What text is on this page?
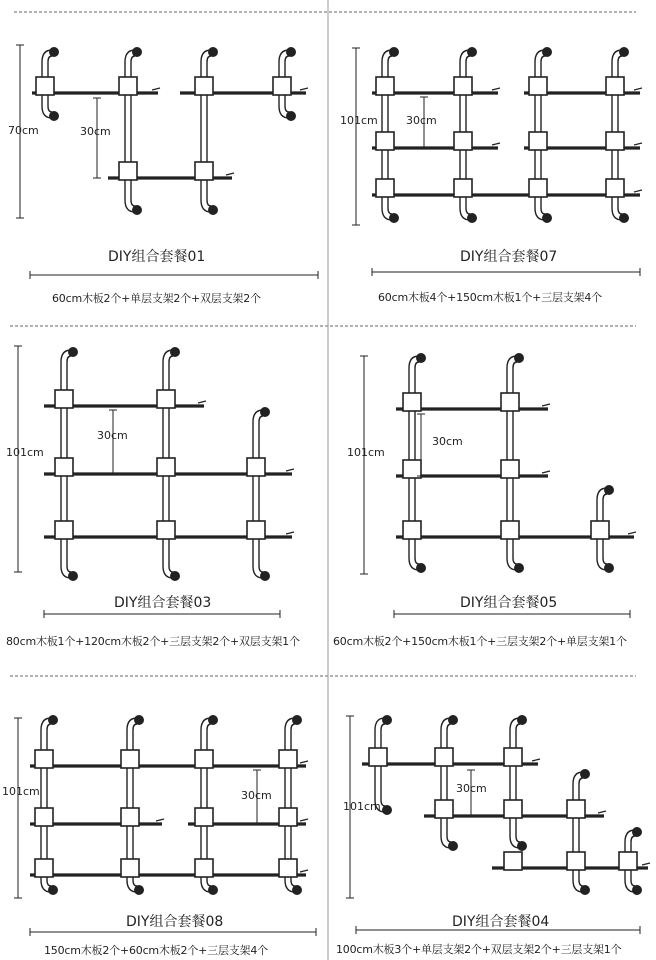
70cm	30cm
DIY组合套餐01
60cm木板2个+单层支架2个+双层支架2个
101cm	30cm
DIY组合套餐07
60cm木板4个+150cm木板1个+三层支架4个
101cm
30cm
DIY组合套餐03
80cm木板1个+120cm木板2个+三层支架2个+双层支架1个
101cm
30cm
DIY组合套餐05
60cm木板2个+150cm木板1个+三层支架2个+单层支架1个
101cm	30cm
DIY组合套餐08
150cm木板2个+60cm木板2个+三层支架4个
101cm
30cm
DIY组合套餐04
100cm木板3个+单层支架2个+双层支架2个+三层支架1个
